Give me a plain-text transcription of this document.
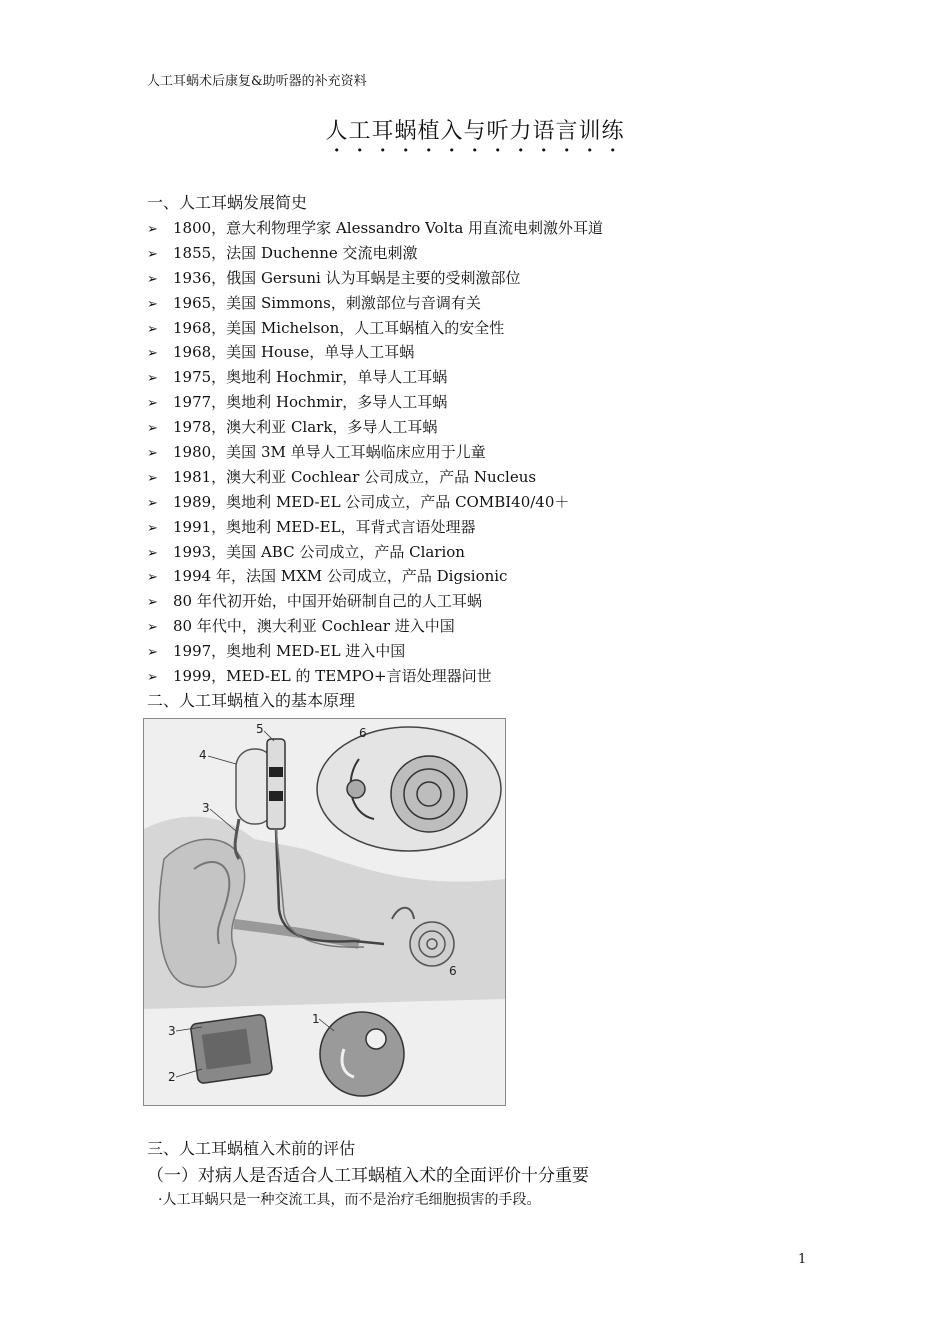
人工耳蜗术后康复&助听器的补充资料
人工耳蜗植入与听力语言训练
一、人工耳蜗发展简史
➢ 1800，意大利物理学家 Alessandro Volta 用直流电刺激外耳道
➢ 1855，法国 Duchenne 交流电刺激
➢ 1936，俄国 Gersuni 认为耳蜗是主要的受刺激部位
➢ 1965，美国 Simmons，刺激部位与音调有关
➢ 1968，美国 Michelson，人工耳蜗植入的安全性
➢ 1968，美国 House，单导人工耳蜗
➢ 1975，奥地利 Hochmir，单导人工耳蜗
➢ 1977，奥地利 Hochmir，多导人工耳蜗
➢ 1978，澳大利亚 Clark，多导人工耳蜗
➢ 1980，美国 3M 单导人工耳蜗临床应用于儿童
➢ 1981，澳大利亚 Cochlear 公司成立，产品 Nucleus
➢ 1989，奥地利 MED-EL 公司成立，产品 COMBI40/40＋
➢ 1991，奥地利 MED-EL，耳背式言语处理器
➢ 1993，美国 ABC 公司成立，产品 Clarion
➢ 1994 年，法国 MXM 公司成立，产品 Digsionic
➢ 80 年代初开始，中国开始研制自己的人工耳蜗
➢ 80 年代中，澳大利亚 Cochlear 进入中国
➢ 1997，奥地利 MED-EL 进入中国
➢ 1999，MED-EL 的 TEMPO+言语处理器问世
二、人工耳蜗植入的基本原理
5
4
3
6
6
3
2
1
三、人工耳蜗植入术前的评估
（一）对病人是否适合人工耳蜗植入术的全面评价十分重要
·人工耳蜗只是一种交流工具，而不是治疗毛细胞损害的手段。
1
